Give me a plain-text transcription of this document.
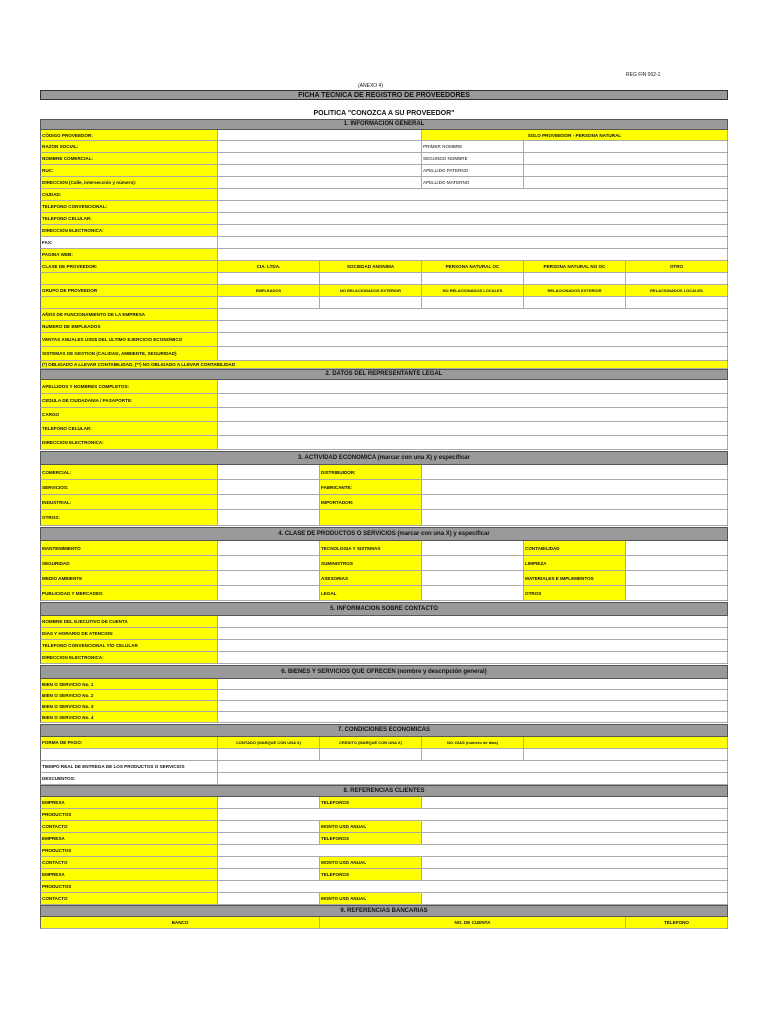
REG FIN 002-1
(ANEXO 4)
FICHA TECNICA DE REGISTRO DE PROVEEDORES
POLITICA "CONOZCA A SU PROVEEDOR"
1. INFORMACION GENERAL
CÓDIGO PROVEEDOR:	SOLO PROVEEDOR - PERSONA NATURAL
RAZON SOCIAL:	PRIMER NOMBRE
NOMBRE COMERCIAL:	SEGUNDO NOMBRE
RUC:	APELLIDO PATERNO
DIRECCION (Calle, intersección y número):	APELLIDO MATERNO
CIUDAD:
TELEFONO CONVENCIONAL:
TELEFONO CELULAR:
DIRECCION ELECTRONICA:
FAX:
PAGINA WEB:
CLASE DE PROVEEDOR:	CIA. LTDA.	SOCIEDAD ANONIMA	PERSONA NATURAL OC	PERSONA NATURAL NO OC	OTRO
GRUPO DE PROVEEDOR	EMPLEADOS	NO RELACIONADOS EXTERIOR	NO RELACIONADOS LOCALES	RELACIONADOS EXTERIOR	RELACIONADOS LOCALES
AÑOS DE FUNCIONAMIENTO DE LA EMPRESA
NUMERO DE EMPLEADOS
VENTAS ANUALES USD$ DEL ULTIMO EJERCICIO ECONOMICO
SISTEMAS DE GESTION (CALIDAD, AMBIENTE, SEGURIDAD)
(*) OBLIGADO A LLEVAR CONTABILIDAD, (**) NO OBLIGADO A LLEVAR CONTABILIDAD
2. DATOS DEL REPRESENTANTE LEGAL
APELLIDOS Y NOMBRES COMPLETOS:
CEDULA DE CIUDADANIA / PASAPORTE:
CARGO
TELEFONO CELULAR:
DIRECCION ELECTRONICA:
3. ACTIVIDAD ECONOMICA (marcar con una X) y especificar
COMERCIAL:	DISTRIBUIDOR:
SERVICIOS:	FABRICANTE:
INDUSTRIAL:	IMPORTADOR:
OTROS:
4. CLASE DE PRODUCTOS O SERVICIOS (marcar con una X) y especificar
MANTENIMIENTO	TECNOLOGIA Y SISTEMAS	CONTABILIDAD
SEGURIDAD	SUMINISTROS	LIMPIEZA
MEDIO AMBIENTE	ASESORIAS	MATERIALES E IMPLEMENTOS
PUBLICIDAD Y MERCADEO	LEGAL	OTROS
5. INFORMACION SOBRE CONTACTO
NOMBRE DEL EJECUTIVO DE CUENTA
DIAS Y HORARIO DE ATENCION
TELEFONO CONVENCIONAL Y/O CELULAR
DIRECCION ELECTRONICA:
6. BIENES Y SERVICIOS QUE OFRECEN (nombre y descripción general)
BIEN O SERVICIO No. 1
BIEN O SERVICIO No. 2
BIEN O SERVICIO No. 3
BIEN O SERVICIO No. 4
7. CONDICIONES ECONOMICAS
FORMA DE PAGO:	CONTADO (MARQUE CON UNA X)	CREDITO (MARQUE CON UNA X)	NO. DIAS (numero de días)
TIEMPO REAL DE ENTREGA DE LOS PRODUCTOS O SERVICIOS
DESCUENTOS:
8. REFERENCIAS CLIENTES
EMPRESA	TELEFONOS
PRODUCTOS
CONTACTO	MONTO USD ANUAL
EMPRESA	TELEFONOS
PRODUCTOS
CONTACTO	MONTO USD ANUAL
EMPRESA	TELEFONOS
PRODUCTOS
CONTACTO	MONTO USD ANUAL
9. REFERENCIAS BANCARIAS
BANCO	NO. DE CUENTA	TELEFONO
